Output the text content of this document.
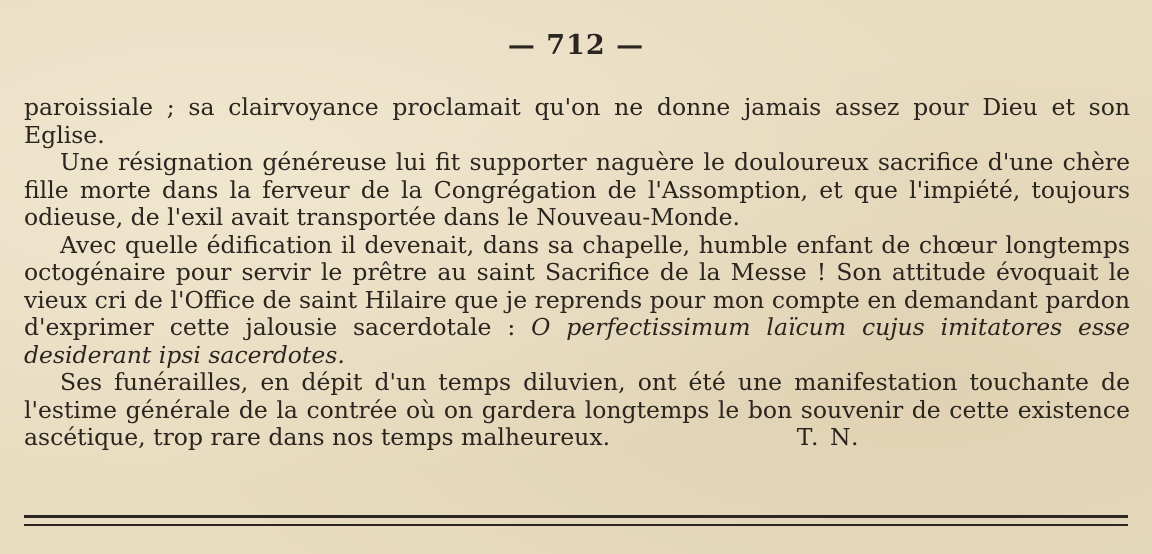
— 712 —

paroissiale ; sa clairvoyance proclamait qu'on ne donne jamais assez pour Dieu et son Eglise.

Une résignation généreuse lui fit supporter naguère le douloureux sacrifice d'une chère fille morte dans la ferveur de la Congrégation de l'Assomption, et que l'impiété, toujours odieuse, de l'exil avait transportée dans le Nouveau-Monde.

Avec quelle édification il devenait, dans sa chapelle, humble enfant de chœur longtemps octogénaire pour servir le prêtre au saint Sacrifice de la Messe ! Son attitude évoquait le vieux cri de l'Office de saint Hilaire que je reprends pour mon compte en demandant pardon d'exprimer cette jalousie sacerdotale : O perfectissimum laïcum cujus imitatores esse desiderant ipsi sacerdotes.

Ses funérailles, en dépit d'un temps diluvien, ont été une manifestation touchante de l'estime générale de la contrée où on gardera longtemps le bon souvenir de cette existence ascétique, trop rare dans nos temps malheureux.	T. N.
